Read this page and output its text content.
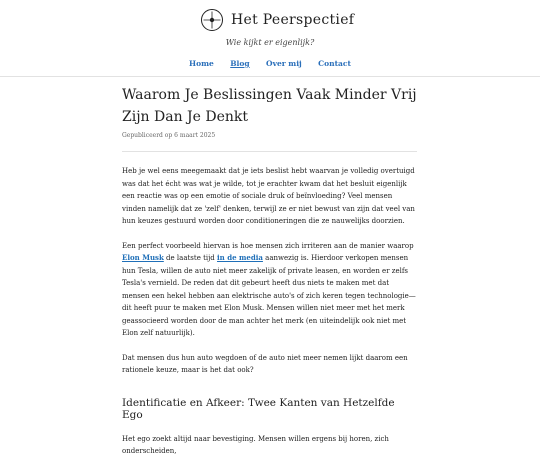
Het Peerspectief
Wie kijkt er eigenlijk?
Home Blog Over mij Contact
Waarom Je Beslissingen Vaak Minder Vrij Zijn Dan Je Denkt
Gepubliceerd op 6 maart 2025

Heb je wel eens meegemaakt dat je iets beslist hebt waarvan je volledig overtuigd was dat het écht was wat je wilde, tot je erachter kwam dat het besluit eigenlijk een reactie was op een emotie of sociale druk of beïnvloeding? Veel mensen vinden namelijk dat ze 'zelf' denken, terwijl ze er niet bewust van zijn dat veel van hun keuzes gestuurd worden door conditioneringen die ze nauwelijks doorzien.

Een perfect voorbeeld hiervan is hoe mensen zich irriteren aan de manier waarop Elon Musk de laatste tijd in de media aanwezig is. Hierdoor verkopen mensen hun Tesla, willen de auto niet meer zakelijk of private leasen, en worden er zelfs Tesla's vernield. De reden dat dit gebeurt heeft dus niets te maken met dat mensen een hekel hebben aan elektrische auto's of zich keren tegen technologie—dit heeft puur te maken met Elon Musk. Mensen willen niet meer met het merk geassocieerd worden door de man achter het merk (en uiteindelijk ook niet met Elon zelf natuurlijk).

Dat mensen dus hun auto wegdoen of de auto niet meer nemen lijkt daarom een rationele keuze, maar is het dat ook?

Identificatie en Afkeer: Twee Kanten van Hetzelfde Ego

Het ego zoekt altijd naar bevestiging. Mensen willen ergens bij horen, zich onderscheiden,
